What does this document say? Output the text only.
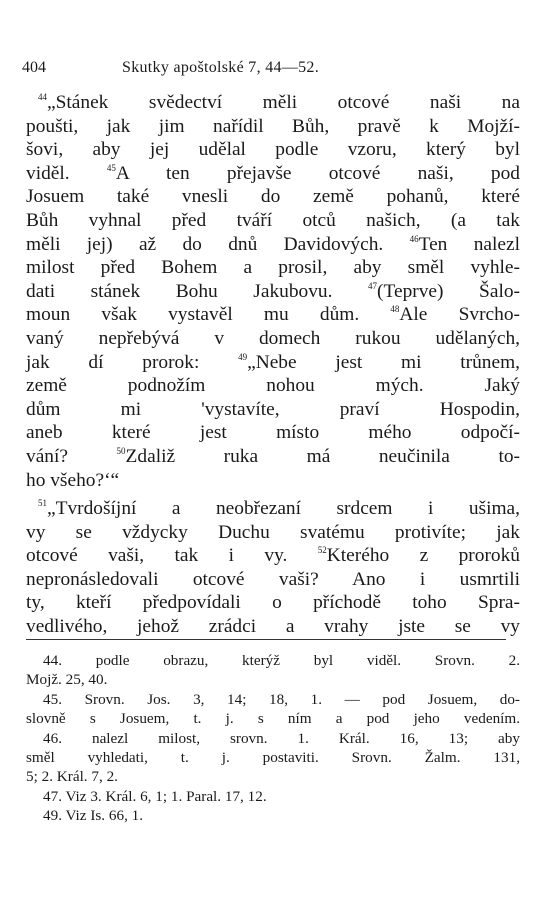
404	Skutky apoštolské 7, 44—52.

$^{44}$„Stánek svědectví měli otcové naši na
poušti, jak jim nařídil Bůh, pravě k Mojží-
šovi, aby jej udělal podle vzoru, který byl
viděl.	$^{45}$A ten přejavše otcové naši, pod
Josuem také vnesli do země pohanů, které
Bůh vyhnal před tváří otců našich, (a tak
měli jej) až do dnů Davidových.	$^{46}$Ten nalezl
milost před Bohem a prosil, aby směl vyhle-
dati stánek Bohu Jakubovu.	$^{47}$(Teprve) Šalo-
moun však vystavěl mu dům.	$^{48}$Ale Svrcho-
vaný nepřebývá v domech rukou udělaných,
jak dí prorok:	$^{49}$„Nebe jest mi trůnem,
země podnožím nohou mých. Jaký
dům mi 'vystavíte, praví Hospodin,
aneb které jest místo mého odpočí-
vání?	$^{50}$Zdaliž ruka má neučinila to-
ho všeho?‘“

$^{51}$„Tvrdošíjní a neobřezaní srdcem i ušima,
vy se vždycky Duchu svatému protivíte; jak
otcové vaši, tak i vy.	$^{52}$Kterého z proroků
nepronásledovali otcové vaši? Ano i usmrtili
ty, kteří předpovídali o příchodě toho Spra-
vedlivého, jehož zrádci a vrahy jste se vy

44. podle obrazu, kterýž byl viděl. Srovn. 2.
Mojž. 25, 40.
45. Srovn. Jos. 3, 14; 18, 1. — pod Josuem, do-
slovně s Josuem, t. j. s ním a pod jeho vedením.
46. nalezl milost, srovn. 1. Král. 16, 13; aby
směl vyhledati, t. j. postaviti. Srovn. Žalm. 131,
5; 2. Král. 7, 2.
47. Viz 3. Král. 6, 1; 1. Paral. 17, 12.
49. Viz Is. 66, 1.
